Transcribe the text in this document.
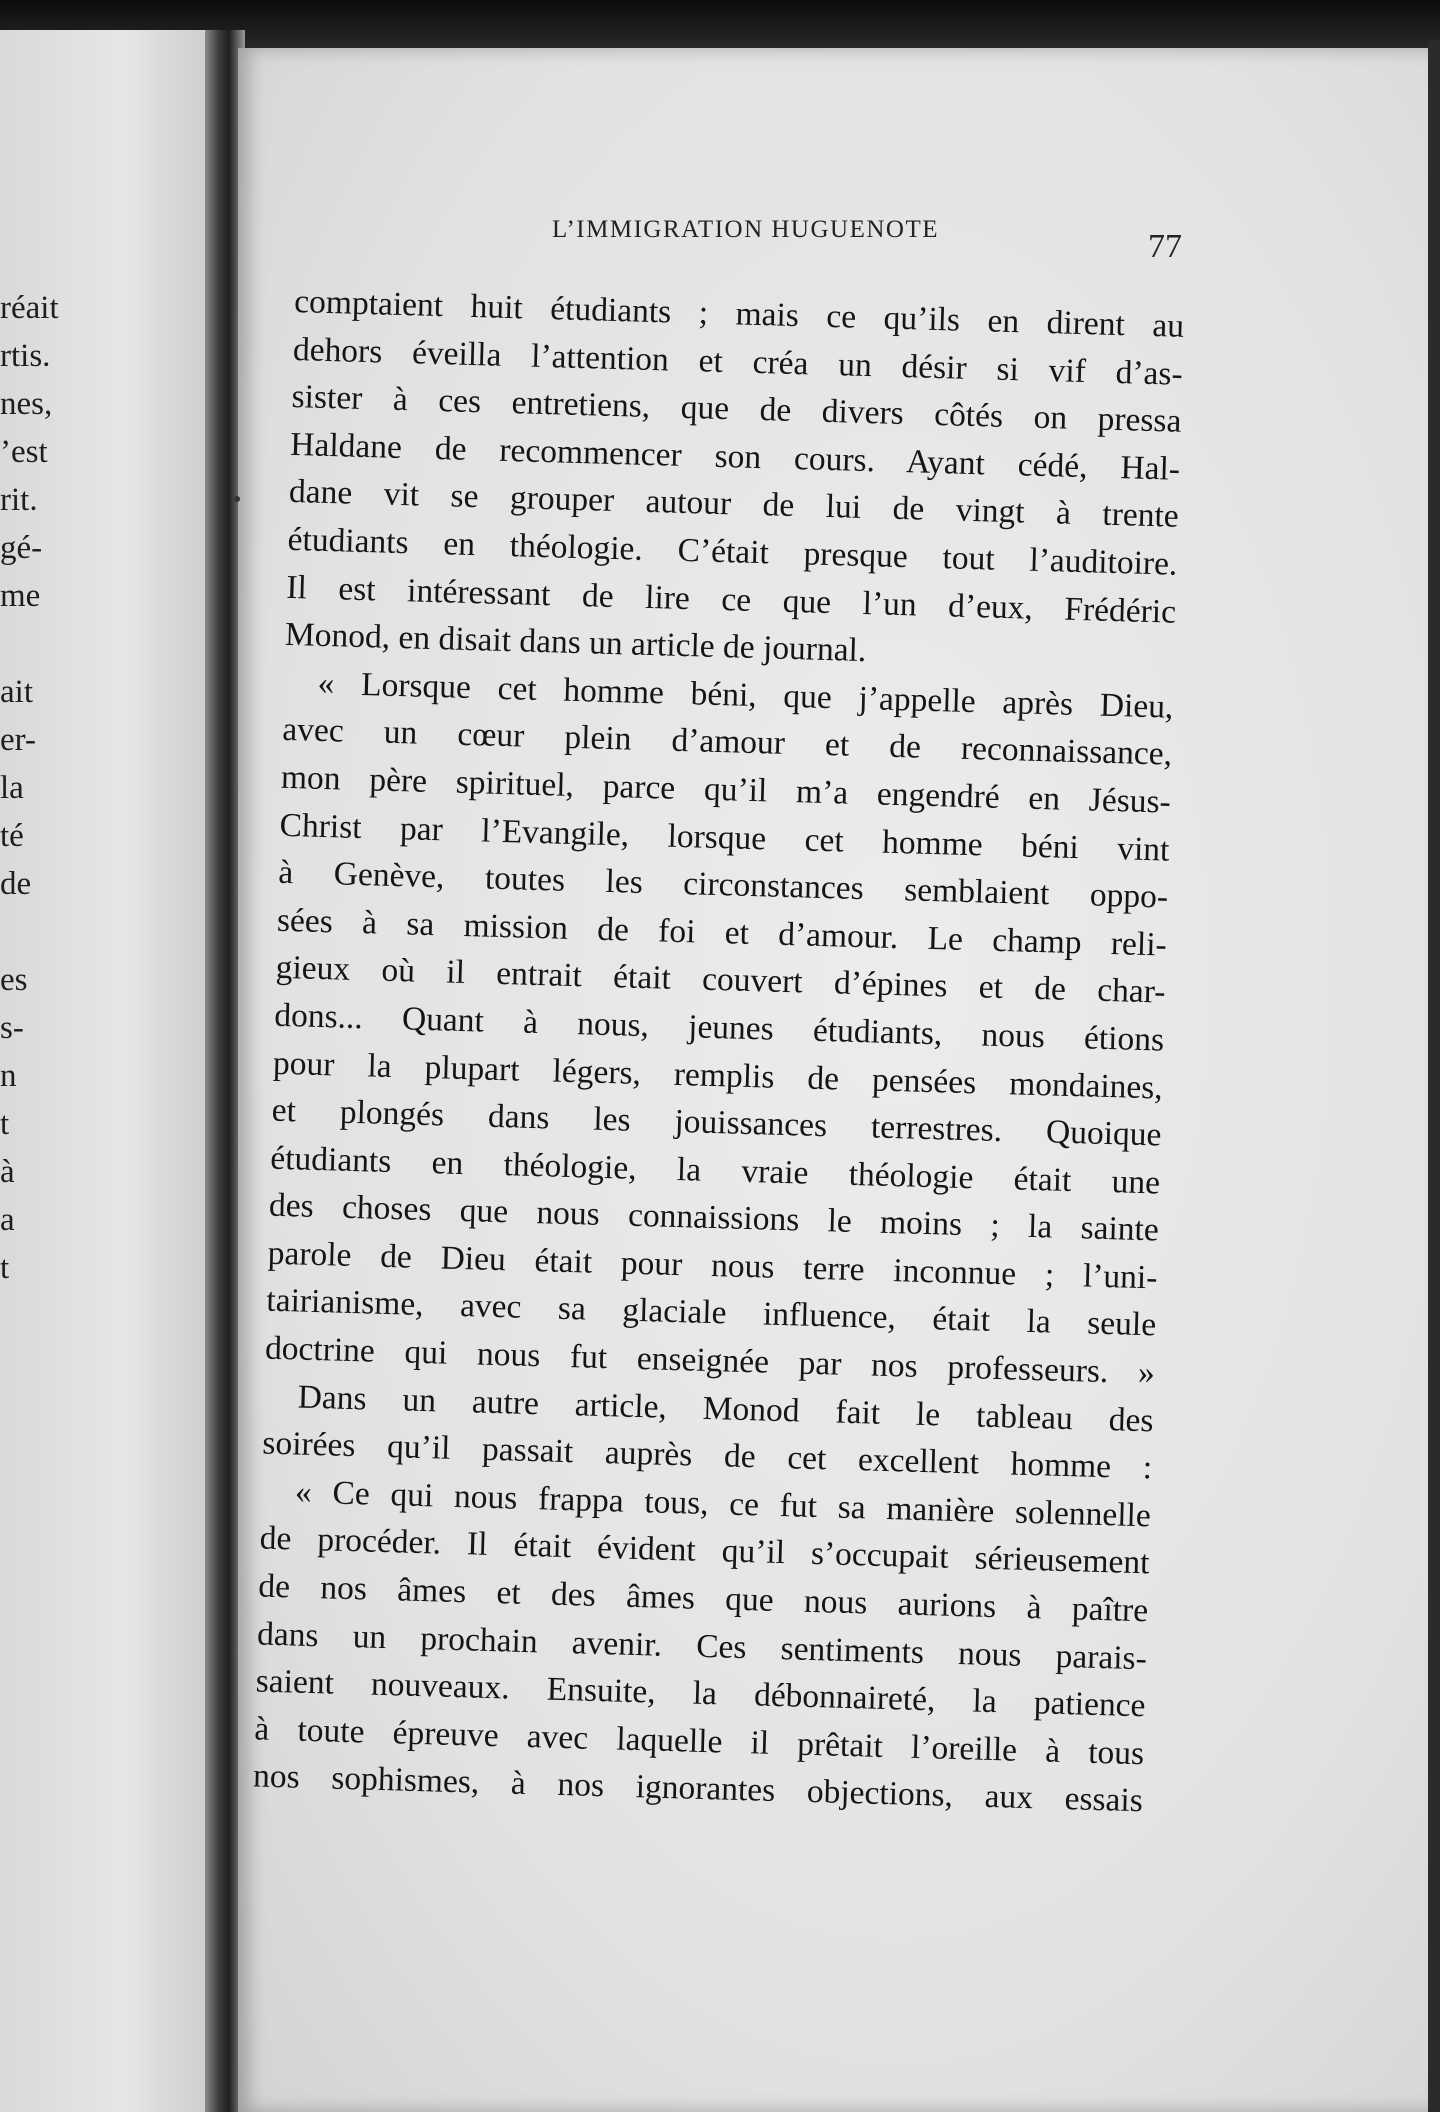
réait
rtis.
nes,
’est
rit.
gé-
me
ait
er-
la
té
de
es
s-
n
t
à
a
t
L’IMMIGRATION HUGUENOTE	77
comptaient huit étudiants ; mais ce qu’ils en dirent au
dehors éveilla l’attention et créa un désir si vif d’as-
sister à ces entretiens, que de divers côtés on pressa
Haldane de recommencer son cours. Ayant cédé, Hal-
dane vit se grouper autour de lui de vingt à trente
étudiants en théologie. C’était presque tout l’auditoire.
Il est intéressant de lire ce que l’un d’eux, Frédéric
Monod, en disait dans un article de journal.
« Lorsque cet homme béni, que j’appelle après Dieu,
avec un cœur plein d’amour et de reconnaissance,
mon père spirituel, parce qu’il m’a engendré en Jésus-
Christ par l’Evangile, lorsque cet homme béni vint
à Genève, toutes les circonstances semblaient oppo-
sées à sa mission de foi et d’amour. Le champ reli-
gieux où il entrait était couvert d’épines et de char-
dons... Quant à nous, jeunes étudiants, nous étions
pour la plupart légers, remplis de pensées mondaines,
et plongés dans les jouissances terrestres. Quoique
étudiants en théologie, la vraie théologie était une
des choses que nous connaissions le moins ; la sainte
parole de Dieu était pour nous terre inconnue ; l’uni-
tairianisme, avec sa glaciale influence, était la seule
doctrine qui nous fut enseignée par nos professeurs. »
Dans un autre article, Monod fait le tableau des
soirées qu’il passait auprès de cet excellent homme :
« Ce qui nous frappa tous, ce fut sa manière solennelle
de procéder. Il était évident qu’il s’occupait sérieusement
de nos âmes et des âmes que nous aurions à paître
dans un prochain avenir. Ces sentiments nous parais-
saient nouveaux. Ensuite, la débonnaireté, la patience
à toute épreuve avec laquelle il prêtait l’oreille à tous
nos sophismes, à nos ignorantes objections, aux essais
